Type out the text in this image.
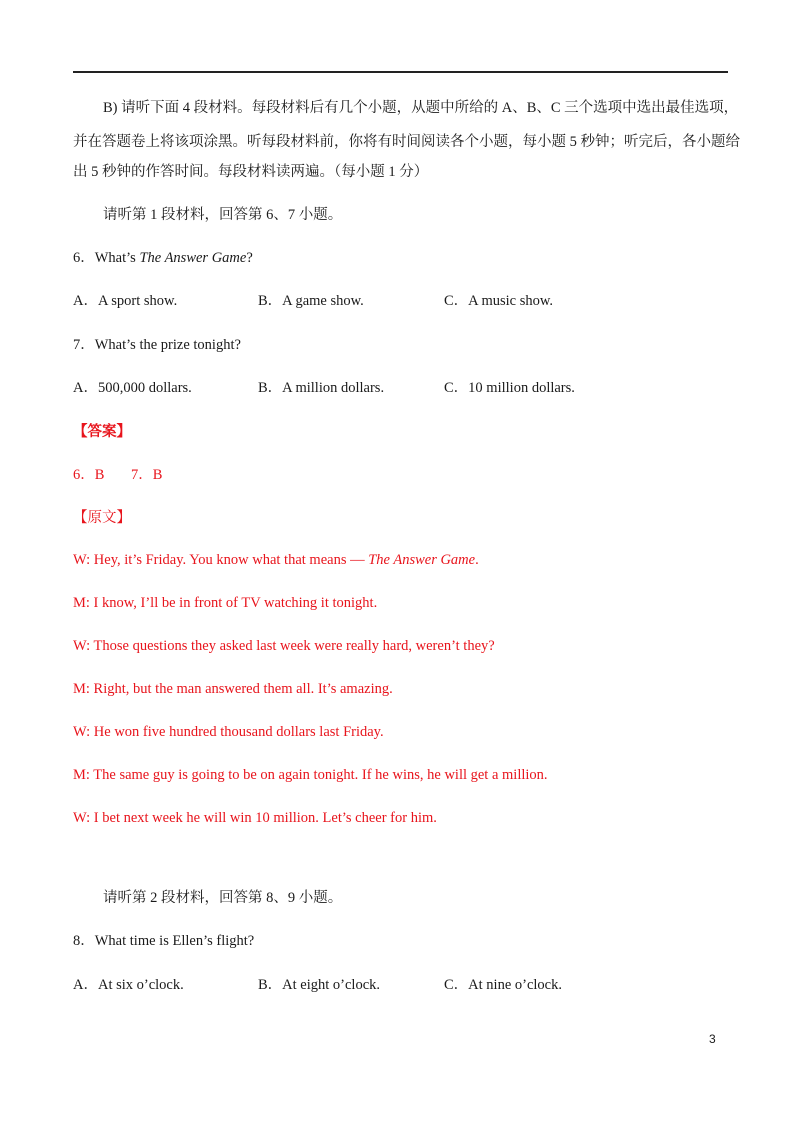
B) 请听下面 4 段材料。每段材料后有几个小题，从题中所给的 A、B、C 三个选项中选出最佳选项，
并在答题卷上将该项涂黑。听每段材料前，你将有时间阅读各个小题，每小题 5 秒钟；听完后，各小题给
出 5 秒钟的作答时间。每段材料读两遍。（每小题 1 分）
请听第 1 段材料，回答第 6、7 小题。
6．What’s The Answer Game?
A．A sport show.	B．A game show.	C．A music show.
7．What’s the prize tonight?
A．500,000 dollars.	B．A million dollars.	C．10 million dollars.
【答案】
6．B 7．B
【原文】
W: Hey, it’s Friday. You know what that means — The Answer Game.
M: I know, I’ll be in front of TV watching it tonight.
W: Those questions they asked last week were really hard, weren’t they?
M: Right, but the man answered them all. It’s amazing.
W: He won five hundred thousand dollars last Friday.
M: The same guy is going to be on again tonight. If he wins, he will get a million.
W: I bet next week he will win 10 million. Let’s cheer for him.
请听第 2 段材料，回答第 8、9 小题。
8．What time is Ellen’s flight?
A．At six o’clock.	B．At eight o’clock.	C．At nine o’clock.
3
